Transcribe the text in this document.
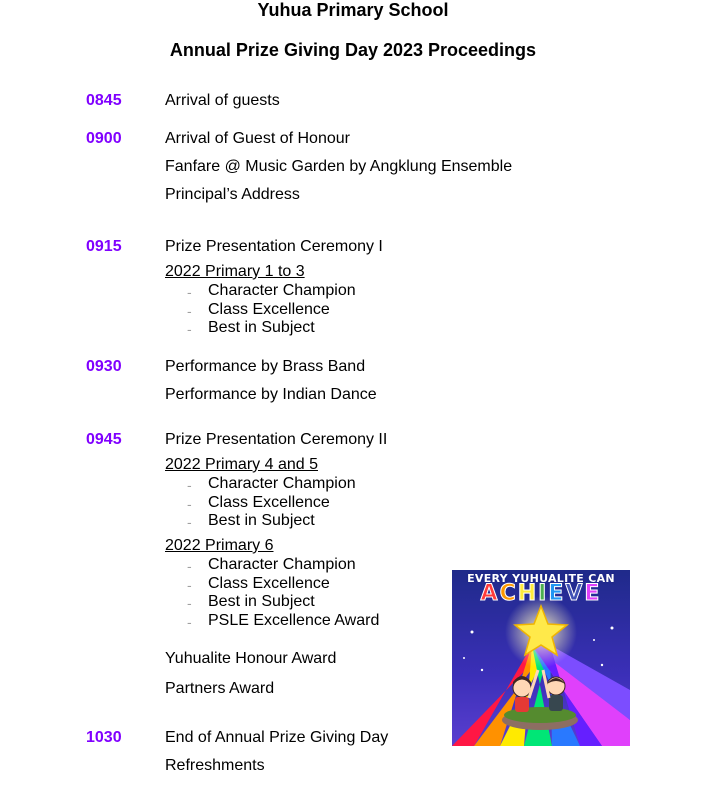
Yuhua Primary School
Annual Prize Giving Day 2023 Proceedings
0845	Arrival of guests
0900	Arrival of Guest of Honour
Fanfare @ Music Garden by Angklung Ensemble
Principal’s Address
0915	Prize Presentation Ceremony I
2022 Primary 1 to 3
- Character Champion
- Class Excellence
- Best in Subject
0930	Performance by Brass Band
Performance by Indian Dance
0945	Prize Presentation Ceremony II
2022 Primary 4 and 5
- Character Champion
- Class Excellence
- Best in Subject
2022 Primary 6
- Character Champion
- Class Excellence
- Best in Subject
- PSLE Excellence Award
Yuhualite Honour Award
Partners Award
1030	End of Annual Prize Giving Day
Refreshments
EVERY YUHUALITE CAN
ACHIEVE
